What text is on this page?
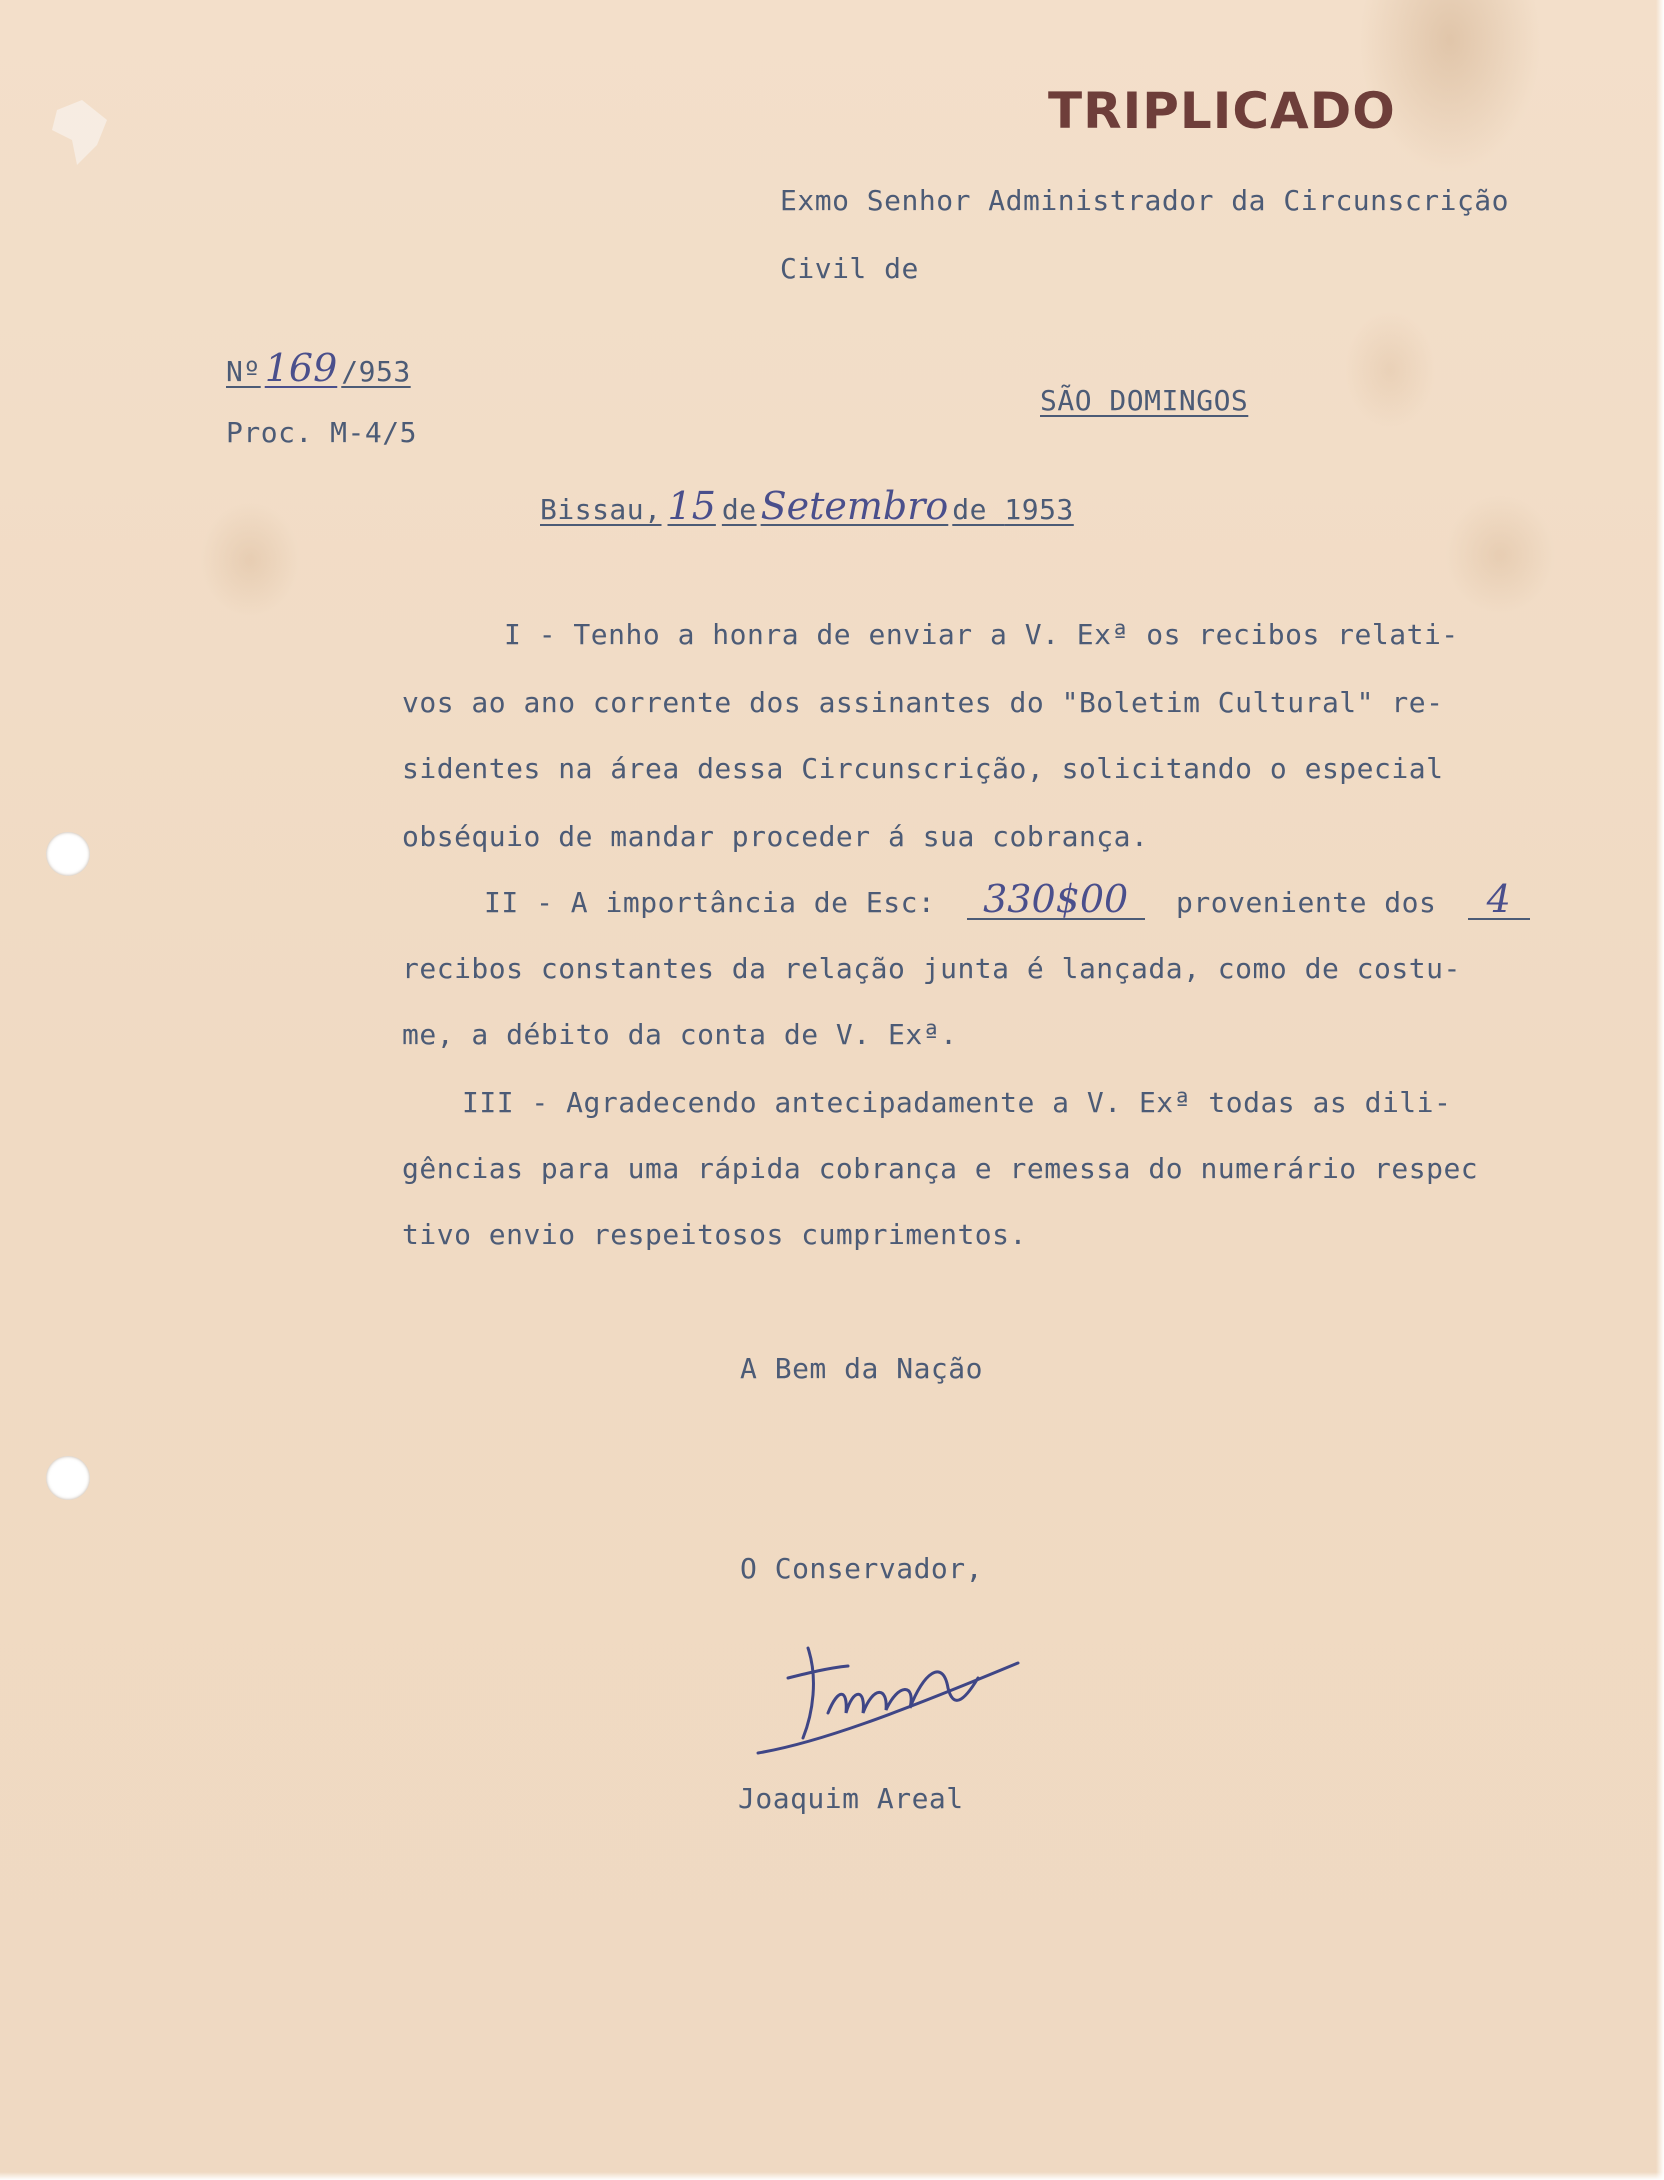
TRIPLICADO
Exmo Senhor Administrador da Circunscrição
Civil de
SÃO DOMINGOS
Nº 169 /953
Proc. M-4/5
Bissau, 15 de Setembro de 1953
I - Tenho a honra de enviar a V. Exª os recibos relati-
vos ao ano corrente dos assinantes do "Boletim Cultural" re-
sidentes na área dessa Circunscrição, solicitando o especial
obséquio de mandar proceder á sua cobrança.
II - A importância de Esc: 330$00 proveniente dos 4
recibos constantes da relação junta é lançada, como de costu-
me, a débito da conta de V. Exª.
III - Agradecendo antecipadamente a V. Exª todas as dili-
gências para uma rápida cobrança e remessa do numerário respec
tivo envio respeitosos cumprimentos.
A Bem da Nação
O Conservador,
Joaquim Areal
